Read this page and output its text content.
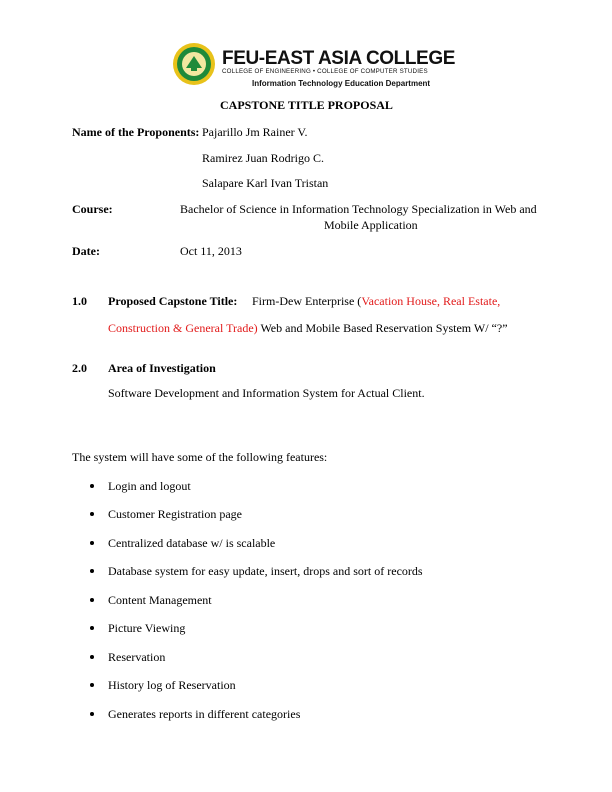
FEU-EAST ASIA COLLEGE
COLLEGE OF ENGINEERING • COLLEGE OF COMPUTER STUDIES
Information Technology Education Department
CAPSTONE TITLE PROPOSAL
Name of the Proponents: Pajarillo Jm Rainer V.
Ramirez Juan Rodrigo C.
Salapare Karl Ivan Tristan
Course:	Bachelor of Science in Information Technology Specialization in Web and
Mobile Application
Date:	Oct 11, 2013
1.0 Proposed Capstone Title: Firm-Dew Enterprise (Vacation House, Real Estate,
Construction & General Trade) Web and Mobile Based Reservation System W/ “?”
2.0 Area of Investigation
Software Development and Information System for Actual Client.
The system will have some of the following features:
Login and logout
Customer Registration page
Centralized database w/ is scalable
Database system for easy update, insert, drops and sort of records
Content Management
Picture Viewing
Reservation
History log of Reservation
Generates reports in different categories
